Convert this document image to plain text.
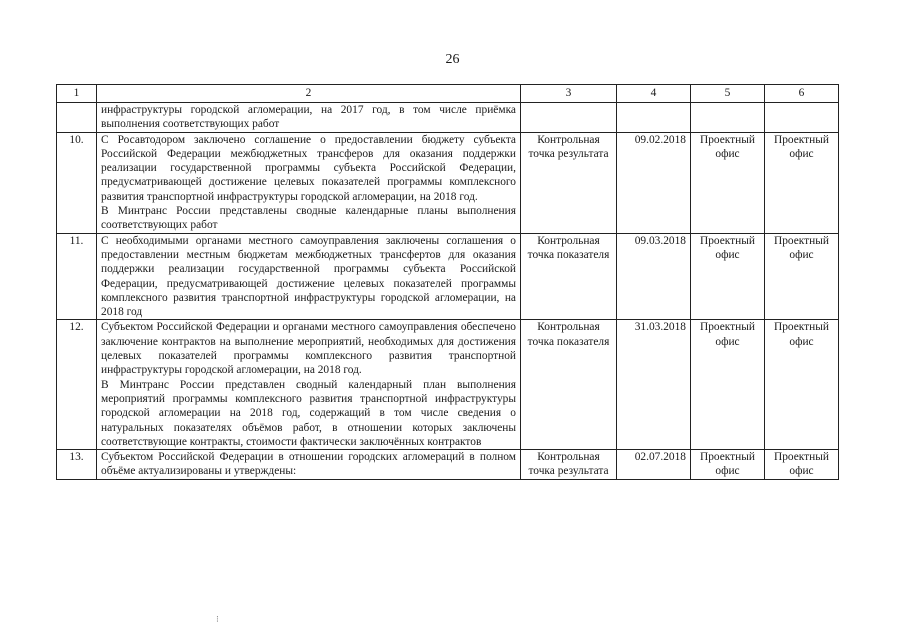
26
1	2	3	4	5	6

	инфраструктуры городской агломерации, на 2017 год, в том числе приёмка выполнения соответствующих работ				

10.	С Росавтодором заключено соглашение о предоставлении бюджету субъекта Российской Федерации межбюджетных трансферов для оказания поддержки реализации государственной программы субъекта Российской Федерации, предусматривающей достижение целевых показателей программы комплексного развития транспортной инфраструктуры городской агломерации, на 2018 год.
В Минтранс России представлены сводные календарные планы выполнения соответствующих работ	Контрольная точка результата	09.02.2018	Проектный офис	Проектный офис
11.	С необходимыми органами местного самоуправления заключены соглашения о предоставлении местным бюджетам межбюджетных трансфертов для оказания поддержки реализации государственной программы субъекта Российской Федерации, предусматривающей достижение целевых показателей программы комплексного развития транспортной инфраструктуры городской агломерации, на 2018 год	Контрольная точка показателя	09.03.2018	Проектный офис	Проектный офис
12.	Субъектом Российской Федерации и органами местного самоуправления обеспечено заключение контрактов на выполнение мероприятий, необходимых для достижения целевых показателей программы комплексного развития транспортной инфраструктуры городской агломерации, на 2018 год.
В Минтранс России представлен сводный календарный план выполнения мероприятий программы комплексного развития транспортной инфраструктуры городской агломерации на 2018 год, содержащий в том числе сведения о натуральных показателях объёмов работ, в отношении которых заключены соответствующие контракты, стоимости фактически заключённых контрактов	Контрольная точка показателя	31.03.2018	Проектный офис	Проектный офис
13.	Субъектом Российской Федерации в отношении городских агломераций в полном объёме актуализированы и утверждены:	Контрольная точка результата	02.07.2018	Проектный офис	Проектный офис
⁝
